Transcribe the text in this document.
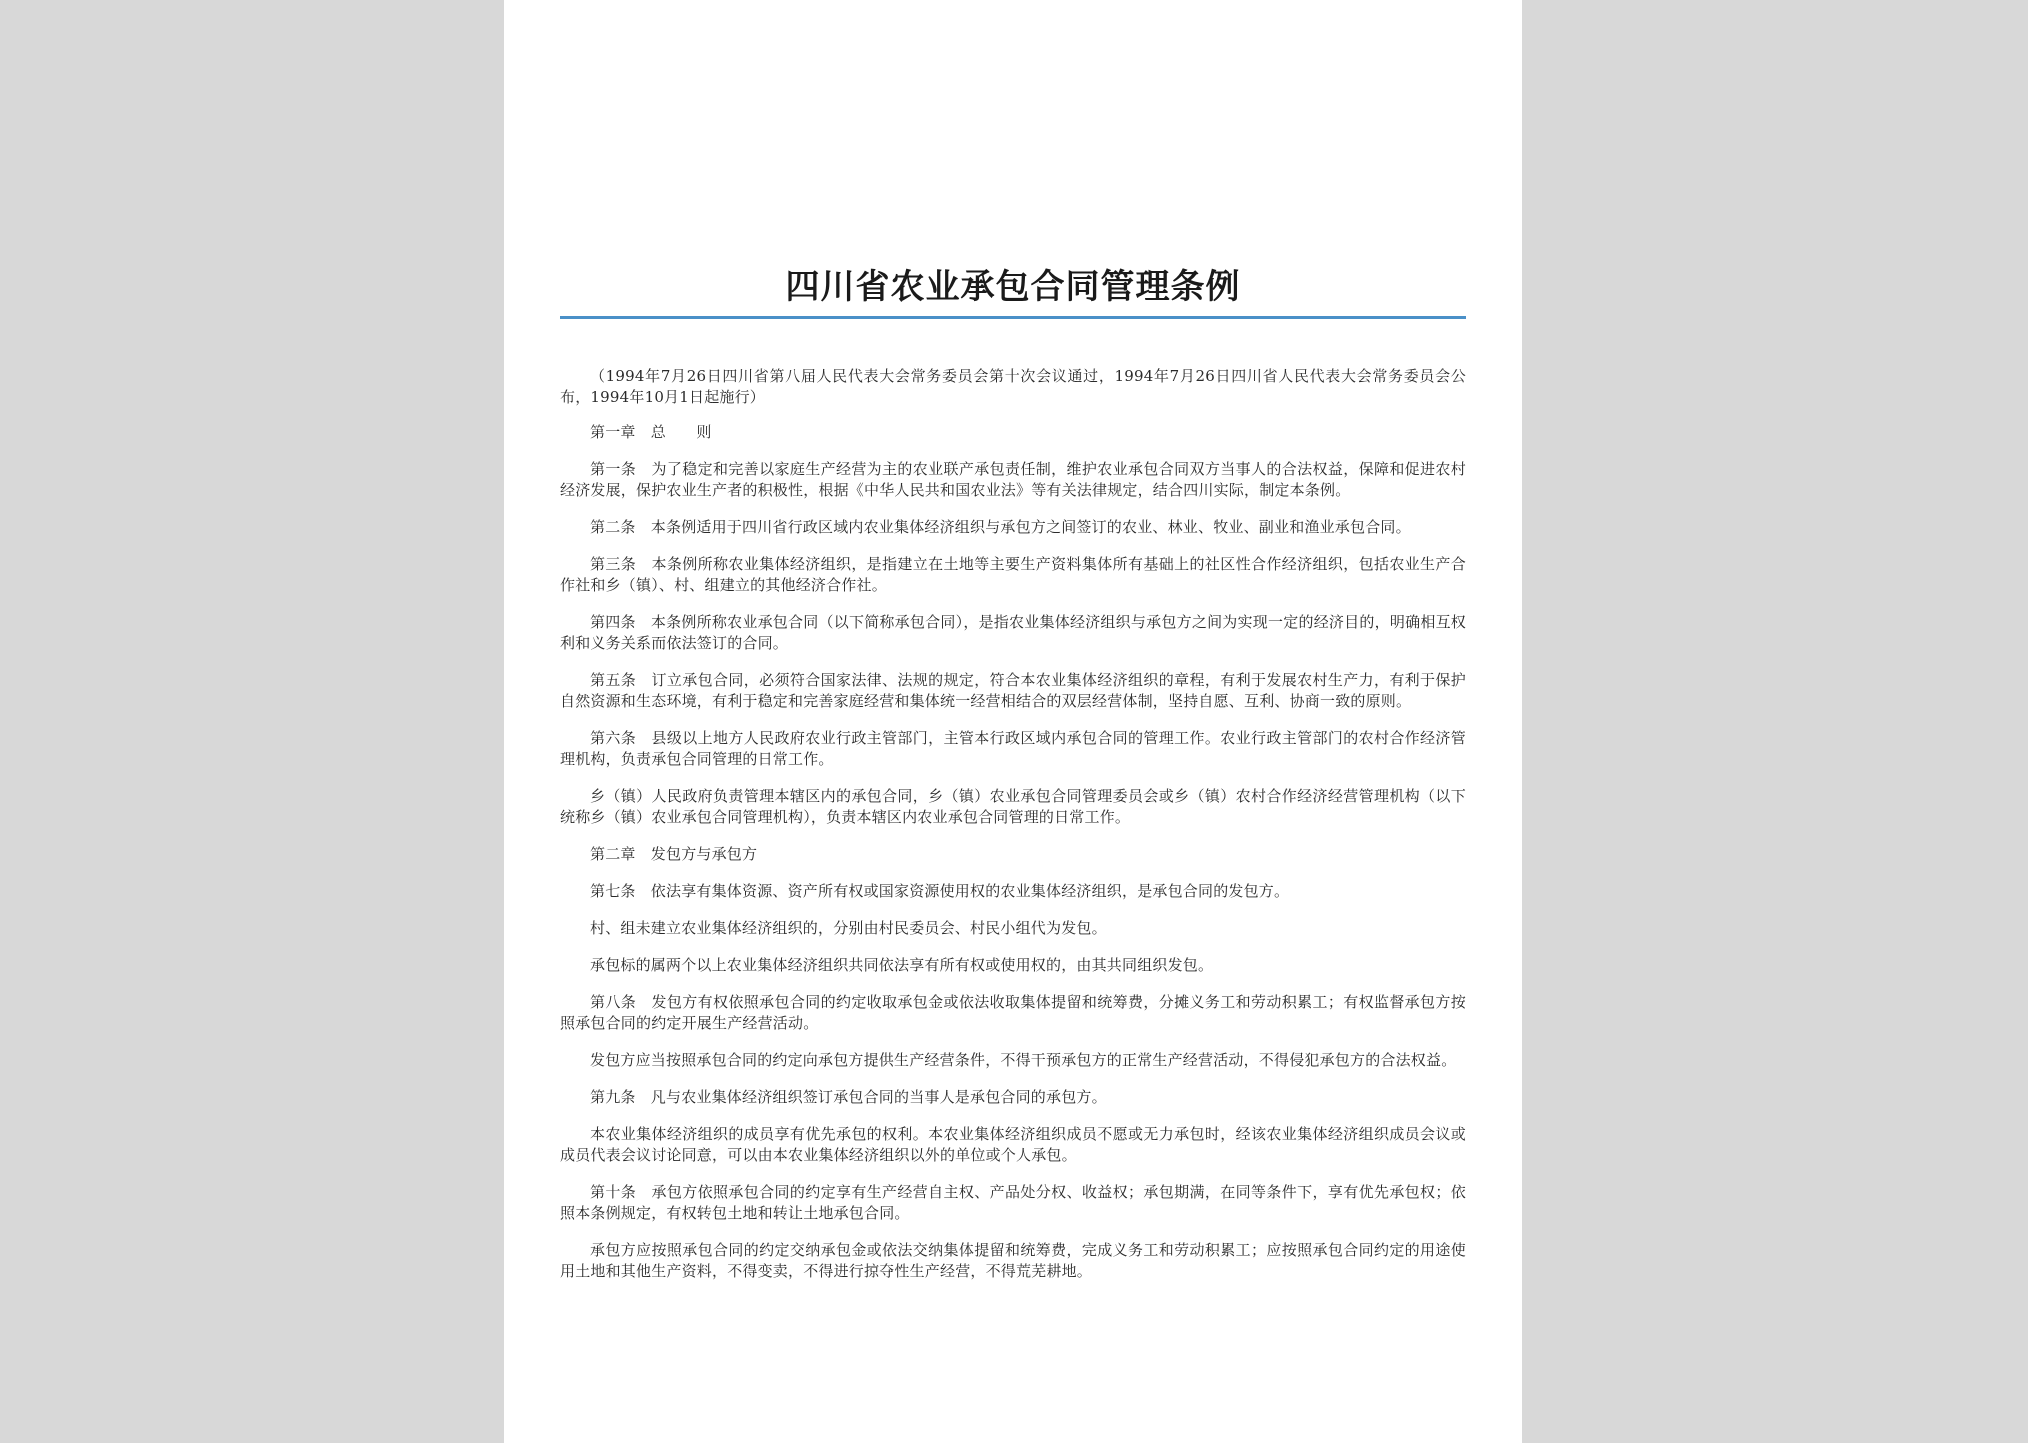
四川省农业承包合同管理条例

（1994年7月26日四川省第八届人民代表大会常务委员会第十次会议通过，1994年7月26日四川省人民代表大会常务委员会公布，1994年10月1日起施行）

第一章　总　　则

第一条　为了稳定和完善以家庭生产经营为主的农业联产承包责任制，维护农业承包合同双方当事人的合法权益，保障和促进农村经济发展，保护农业生产者的积极性，根据《中华人民共和国农业法》等有关法律规定，结合四川实际，制定本条例。

第二条　本条例适用于四川省行政区域内农业集体经济组织与承包方之间签订的农业、林业、牧业、副业和渔业承包合同。

第三条　本条例所称农业集体经济组织，是指建立在土地等主要生产资料集体所有基础上的社区性合作经济组织，包括农业生产合作社和乡（镇）、村、组建立的其他经济合作社。

第四条　本条例所称农业承包合同（以下简称承包合同），是指农业集体经济组织与承包方之间为实现一定的经济目的，明确相互权利和义务关系而依法签订的合同。

第五条　订立承包合同，必须符合国家法律、法规的规定，符合本农业集体经济组织的章程，有利于发展农村生产力，有利于保护自然资源和生态环境，有利于稳定和完善家庭经营和集体统一经营相结合的双层经营体制，坚持自愿、互利、协商一致的原则。

第六条　县级以上地方人民政府农业行政主管部门，主管本行政区域内承包合同的管理工作。农业行政主管部门的农村合作经济管理机构，负责承包合同管理的日常工作。

乡（镇）人民政府负责管理本辖区内的承包合同，乡（镇）农业承包合同管理委员会或乡（镇）农村合作经济经营管理机构（以下统称乡（镇）农业承包合同管理机构），负责本辖区内农业承包合同管理的日常工作。

第二章　发包方与承包方

第七条　依法享有集体资源、资产所有权或国家资源使用权的农业集体经济组织，是承包合同的发包方。

村、组未建立农业集体经济组织的，分别由村民委员会、村民小组代为发包。

承包标的属两个以上农业集体经济组织共同依法享有所有权或使用权的，由其共同组织发包。

第八条　发包方有权依照承包合同的约定收取承包金或依法收取集体提留和统筹费，分摊义务工和劳动积累工；有权监督承包方按照承包合同的约定开展生产经营活动。

发包方应当按照承包合同的约定向承包方提供生产经营条件，不得干预承包方的正常生产经营活动，不得侵犯承包方的合法权益。

第九条　凡与农业集体经济组织签订承包合同的当事人是承包合同的承包方。

本农业集体经济组织的成员享有优先承包的权利。本农业集体经济组织成员不愿或无力承包时，经该农业集体经济组织成员会议或成员代表会议讨论同意，可以由本农业集体经济组织以外的单位或个人承包。

第十条　承包方依照承包合同的约定享有生产经营自主权、产品处分权、收益权；承包期满，在同等条件下，享有优先承包权；依照本条例规定，有权转包土地和转让土地承包合同。

承包方应按照承包合同的约定交纳承包金或依法交纳集体提留和统筹费，完成义务工和劳动积累工；应按照承包合同约定的用途使用土地和其他生产资料，不得变卖，不得进行掠夺性生产经营，不得荒芜耕地。
